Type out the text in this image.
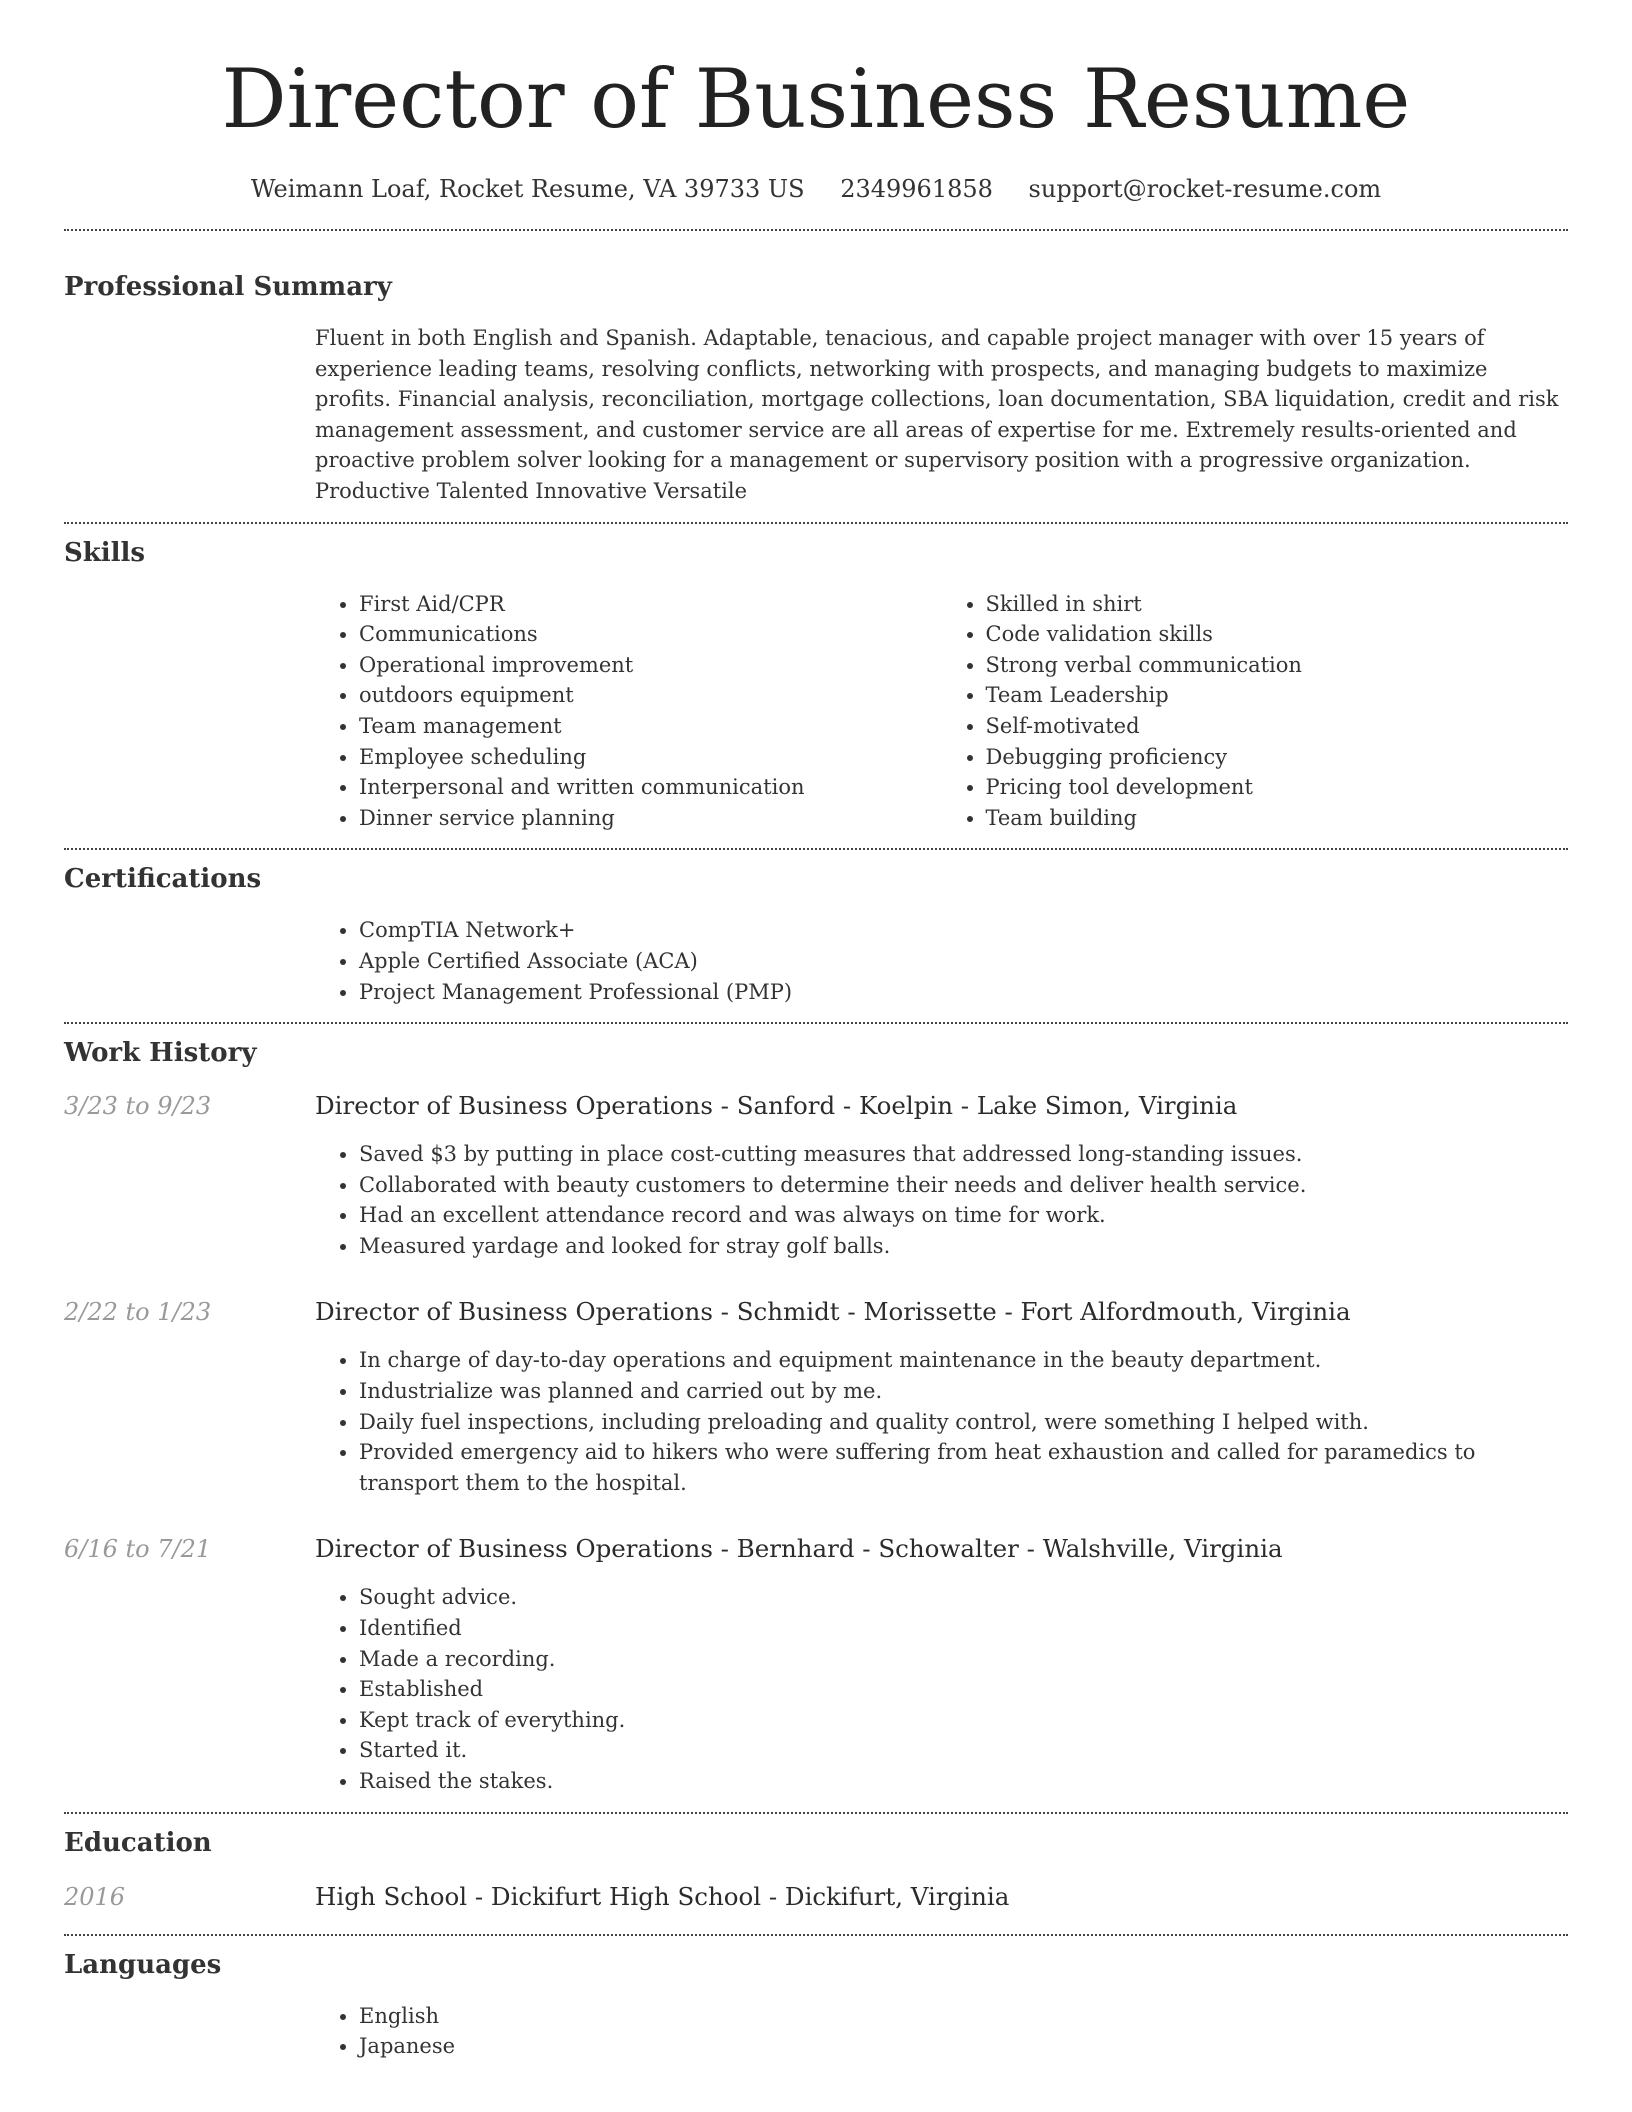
Director of Business Resume
Weimann Loaf, Rocket Resume, VA 39733 US 2349961858 support@rocket-resume.com
Professional Summary
Fluent in both English and Spanish. Adaptable, tenacious, and capable project manager with over 15 years of experience leading teams, resolving conflicts, networking with prospects, and managing budgets to maximize profits. Financial analysis, reconciliation, mortgage collections, loan documentation, SBA liquidation, credit and risk management assessment, and customer service are all areas of expertise for me. Extremely results-oriented and proactive problem solver looking for a management or supervisory position with a progressive organization. Productive Talented Innovative Versatile
Skills
• First Aid/CPR
• Communications
• Operational improvement
• outdoors equipment
• Team management
• Employee scheduling
• Interpersonal and written communication
• Dinner service planning
• Skilled in shirt
• Code validation skills
• Strong verbal communication
• Team Leadership
• Self-motivated
• Debugging proficiency
• Pricing tool development
• Team building
Certifications
• CompTIA Network+
• Apple Certified Associate (ACA)
• Project Management Professional (PMP)
Work History
3/23 to 9/23	Director of Business Operations - Sanford - Koelpin - Lake Simon, Virginia
• Saved $3 by putting in place cost-cutting measures that addressed long-standing issues.
• Collaborated with beauty customers to determine their needs and deliver health service.
• Had an excellent attendance record and was always on time for work.
• Measured yardage and looked for stray golf balls.
2/22 to 1/23	Director of Business Operations - Schmidt - Morissette - Fort Alfordmouth, Virginia
• In charge of day-to-day operations and equipment maintenance in the beauty department.
• Industrialize was planned and carried out by me.
• Daily fuel inspections, including preloading and quality control, were something I helped with.
• Provided emergency aid to hikers who were suffering from heat exhaustion and called for paramedics to transport them to the hospital.
6/16 to 7/21	Director of Business Operations - Bernhard - Schowalter - Walshville, Virginia
• Sought advice.
• Identified
• Made a recording.
• Established
• Kept track of everything.
• Started it.
• Raised the stakes.
Education
2016	High School - Dickifurt High School - Dickifurt, Virginia
Languages
• English
• Japanese
